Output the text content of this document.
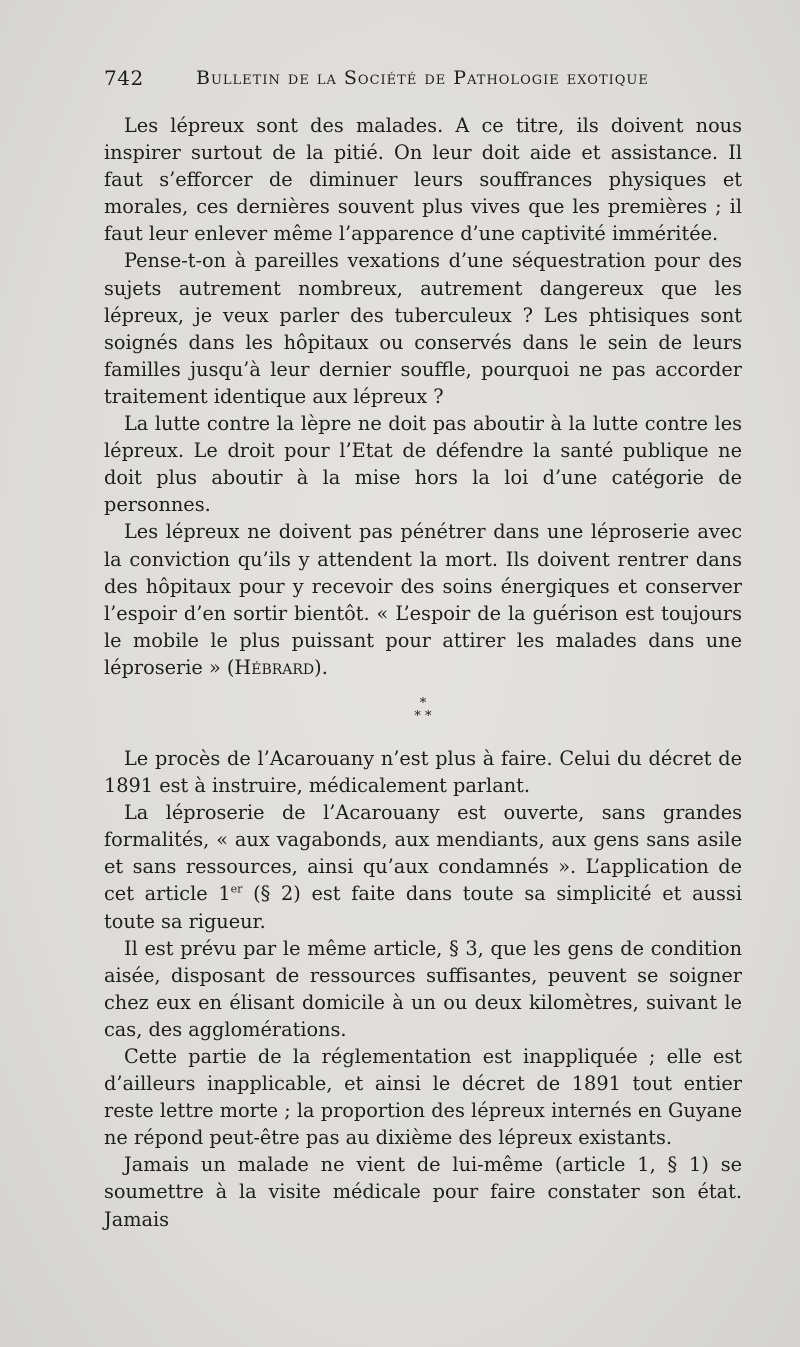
742	Bulletin de la Société de Pathologie exotique

Les lépreux sont des malades. A ce titre, ils doivent nous inspirer surtout de la pitié. On leur doit aide et assistance. Il faut s’efforcer de diminuer leurs souffrances physiques et morales, ces dernières souvent plus vives que les premières ; il faut leur enlever même l’apparence d’une captivité imméritée.

Pense-t-on à pareilles vexations d’une séquestration pour des sujets autrement nombreux, autrement dangereux que les lépreux, je veux parler des tuberculeux ? Les phtisiques sont soignés dans les hôpitaux ou conservés dans le sein de leurs familles jusqu’à leur dernier souffle, pourquoi ne pas accorder traitement identique aux lépreux ?

La lutte contre la lèpre ne doit pas aboutir à la lutte contre les lépreux. Le droit pour l’Etat de défendre la santé publique ne doit plus aboutir à la mise hors la loi d’une catégorie de personnes.

Les lépreux ne doivent pas pénétrer dans une léproserie avec la conviction qu’ils y attendent la mort. Ils doivent rentrer dans des hôpitaux pour y recevoir des soins énergiques et conserver l’espoir d’en sortir bientôt. « L’espoir de la guérison est toujours le mobile le plus puissant pour attirer les malades dans une léproserie » (Hébrard).

*
* *

Le procès de l’Acarouany n’est plus à faire. Celui du décret de 1891 est à instruire, médicalement parlant.

La léproserie de l’Acarouany est ouverte, sans grandes formalités, « aux vagabonds, aux mendiants, aux gens sans asile et sans ressources, ainsi qu’aux condamnés ». L’application de cet article 1er (§ 2) est faite dans toute sa simplicité et aussi toute sa rigueur.

Il est prévu par le même article, § 3, que les gens de condition aisée, disposant de ressources suffisantes, peuvent se soigner chez eux en élisant domicile à un ou deux kilomètres, suivant le cas, des agglomérations.

Cette partie de la réglementation est inappliquée ; elle est d’ailleurs inapplicable, et ainsi le décret de 1891 tout entier reste lettre morte ; la proportion des lépreux internés en Guyane ne répond peut-être pas au dixième des lépreux existants.

Jamais un malade ne vient de lui-même (article 1, § 1) se soumettre à la visite médicale pour faire constater son état. Jamais
